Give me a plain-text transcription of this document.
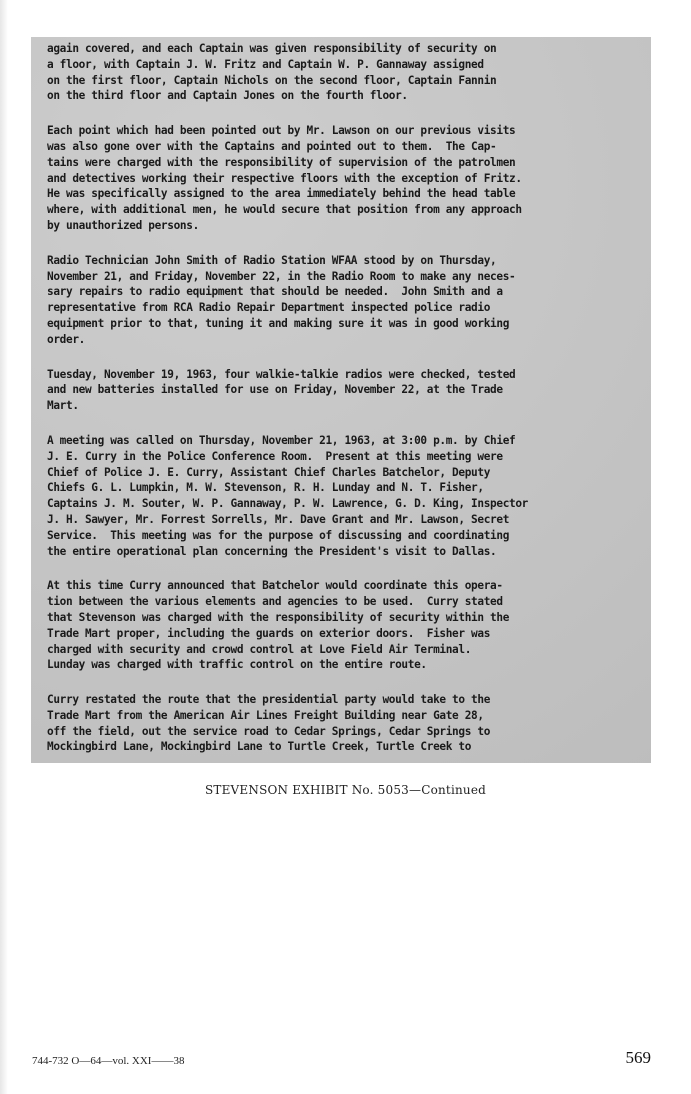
again covered, and each Captain was given responsibility of security on
a floor, with Captain J. W. Fritz and Captain W. P. Gannaway assigned
on the first floor, Captain Nichols on the second floor, Captain Fannin
on the third floor and Captain Jones on the fourth floor.

Each point which had been pointed out by Mr. Lawson on our previous visits
was also gone over with the Captains and pointed out to them.  The Cap-
tains were charged with the responsibility of supervision of the patrolmen
and detectives working their respective floors with the exception of Fritz.
He was specifically assigned to the area immediately behind the head table
where, with additional men, he would secure that position from any approach
by unauthorized persons.

Radio Technician John Smith of Radio Station WFAA stood by on Thursday,
November 21, and Friday, November 22, in the Radio Room to make any neces-
sary repairs to radio equipment that should be needed.  John Smith and a
representative from RCA Radio Repair Department inspected police radio
equipment prior to that, tuning it and making sure it was in good working
order.

Tuesday, November 19, 1963, four walkie-talkie radios were checked, tested
and new batteries installed for use on Friday, November 22, at the Trade
Mart.

A meeting was called on Thursday, November 21, 1963, at 3:00 p.m. by Chief
J. E. Curry in the Police Conference Room.  Present at this meeting were
Chief of Police J. E. Curry, Assistant Chief Charles Batchelor, Deputy
Chiefs G. L. Lumpkin, M. W. Stevenson, R. H. Lunday and N. T. Fisher,
Captains J. M. Souter, W. P. Gannaway, P. W. Lawrence, G. D. King, Inspector
J. H. Sawyer, Mr. Forrest Sorrells, Mr. Dave Grant and Mr. Lawson, Secret
Service.  This meeting was for the purpose of discussing and coordinating
the entire operational plan concerning the President's visit to Dallas.

At this time Curry announced that Batchelor would coordinate this opera-
tion between the various elements and agencies to be used.  Curry stated
that Stevenson was charged with the responsibility of security within the
Trade Mart proper, including the guards on exterior doors.  Fisher was
charged with security and crowd control at Love Field Air Terminal.
Lunday was charged with traffic control on the entire route.

Curry restated the route that the presidential party would take to the
Trade Mart from the American Air Lines Freight Building near Gate 28,
off the field, out the service road to Cedar Springs, Cedar Springs to
Mockingbird Lane, Mockingbird Lane to Turtle Creek, Turtle Creek to

STEVENSON EXHIBIT No. 5053—Continued
744-732 O—64—vol. XXI——38	569
